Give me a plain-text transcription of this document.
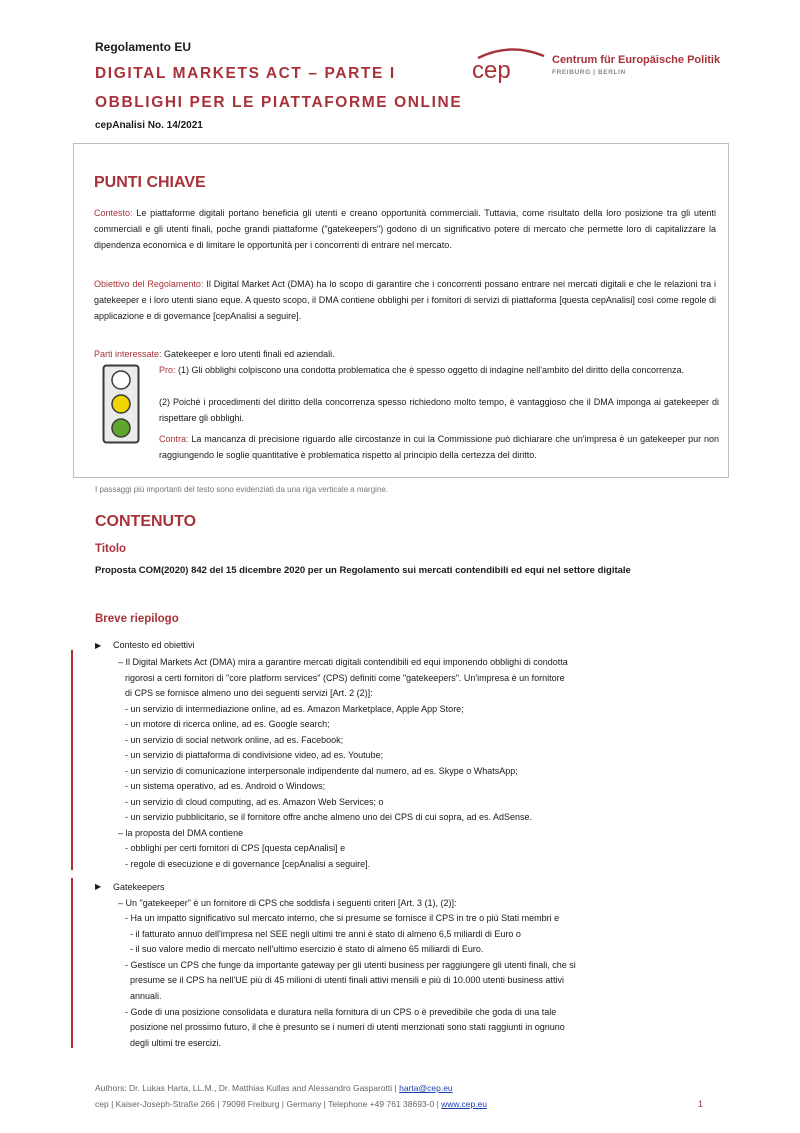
Regolamento EU
DIGITAL MARKETS ACT – PARTE I
OBBLIGHI PER LE PIATTAFORME ONLINE
cepAnalisi No. 14/2021
cep	Centrum für Europäische Politik
FREIBURG | BERLIN
PUNTI CHIAVE

Contesto: Le piattaforme digitali portano beneficia gli utenti e creano opportunità commerciali. Tuttavia, come risultato della loro posizione tra gli utenti commerciali e gli utenti finali, poche grandi piattaforme ("gatekeepers") godono di un significativo potere di mercato che permette loro di capitalizzare la dipendenza economica e di limitare le opportunità per i concorrenti di entrare nel mercato.

Obiettivo del Regolamento: Il Digital Market Act (DMA) ha lo scopo di garantire che i concorrenti possano entrare nei mercati digitali e che le relazioni tra i gatekeeper e i loro utenti siano eque. A questo scopo, il DMA contiene obblighi per i fornitori di servizi di piattaforma [questa cepAnalisi] così come regole di applicazione e di governance [cepAnalisi a seguire].

Parti interessate: Gatekeeper e loro utenti finali ed aziendali.

Pro: (1) Gli obblighi colpiscono una condotta problematica che è spesso oggetto di indagine nell'ambito del diritto della concorrenza.

(2) Poiché i procedimenti del diritto della concorrenza spesso richiedono molto tempo, è vantaggioso che il DMA imponga ai gatekeeper di rispettare gli obblighi.

Contra: La mancanza di precisione riguardo alle circostanze in cui la Commissione può dichiarare che un'impresa è un gatekeeper pur non raggiungendo le soglie quantitative è problematica rispetto al principio della certezza del diritto.

I passaggi più importanti del testo sono evidenziati da una riga verticale a margine.
CONTENUTO
Titolo
Proposta COM(2020) 842 del 15 dicembre 2020 per un Regolamento sui mercati contendibili ed equi nel settore digitale
Breve riepilogo
▶
▶
Contesto ed obiettivi
– Il Digital Markets Act (DMA) mira a garantire mercati digitali contendibili ed equi imponendo obblighi di condotta
rigorosi a certi fornitori di "core platform services" (CPS) definiti come "gatekeepers". Un'impresa è un fornitore
di CPS se fornisce almeno uno dei seguenti servizi [Art. 2 (2)]:
- un servizio di intermediazione online, ad es. Amazon Marketplace, Apple App Store;
- un motore di ricerca online, ad es. Google search;
- un servizio di social network online, ad es. Facebook;
- un servizio di piattaforma di condivisione video, ad es. Youtube;
- un servizio di comunicazione interpersonale indipendente dal numero, ad es. Skype o WhatsApp;
- un sistema operativo, ad es. Android o Windows;
- un servizio di cloud computing, ad es. Amazon Web Services; o
- un servizio pubblicitario, se il fornitore offre anche almeno uno dei CPS di cui sopra, ad es. AdSense.
– la proposta del DMA contiene
- obblighi per certi fornitori di CPS [questa cepAnalisi] e
- regole di esecuzione e di governance [cepAnalisi a seguire].
Gatekeepers
– Un "gatekeeper" è un fornitore di CPS che soddisfa i seguenti criteri [Art. 3 (1), (2)]:
- Ha un impatto significativo sul mercato interno, che si presume se fornisce il CPS in tre o più Stati membri e
- il fatturato annuo dell'impresa nel SEE negli ultimi tre anni è stato di almeno 6,5 miliardi di Euro o
- il suo valore medio di mercato nell'ultimo esercizio è stato di almeno 65 miliardi di Euro.
- Gestisce un CPS che funge da importante gateway per gli utenti business per raggiungere gli utenti finali, che si
presume se il CPS ha nell'UE più di 45 milioni di utenti finali attivi mensili e più di 10.000 utenti business attivi
annuali.
- Gode di una posizione consolidata e duratura nella fornitura di un CPS o è prevedibile che goda di una tale
posizione nel prossimo futuro, il che è presunto se i numeri di utenti menzionati sono stati raggiunti in ognuno
degli ultimi tre esercizi.
Authors: Dr. Lukas Harta, LL.M., Dr. Matthias Kullas and Alessandro Gasparotti | harta@cep.eu
cep | Kaiser-Joseph-Straße 266 | 79098 Freiburg | Germany | Telephone +49 761 38693-0 | www.cep.eu	1
